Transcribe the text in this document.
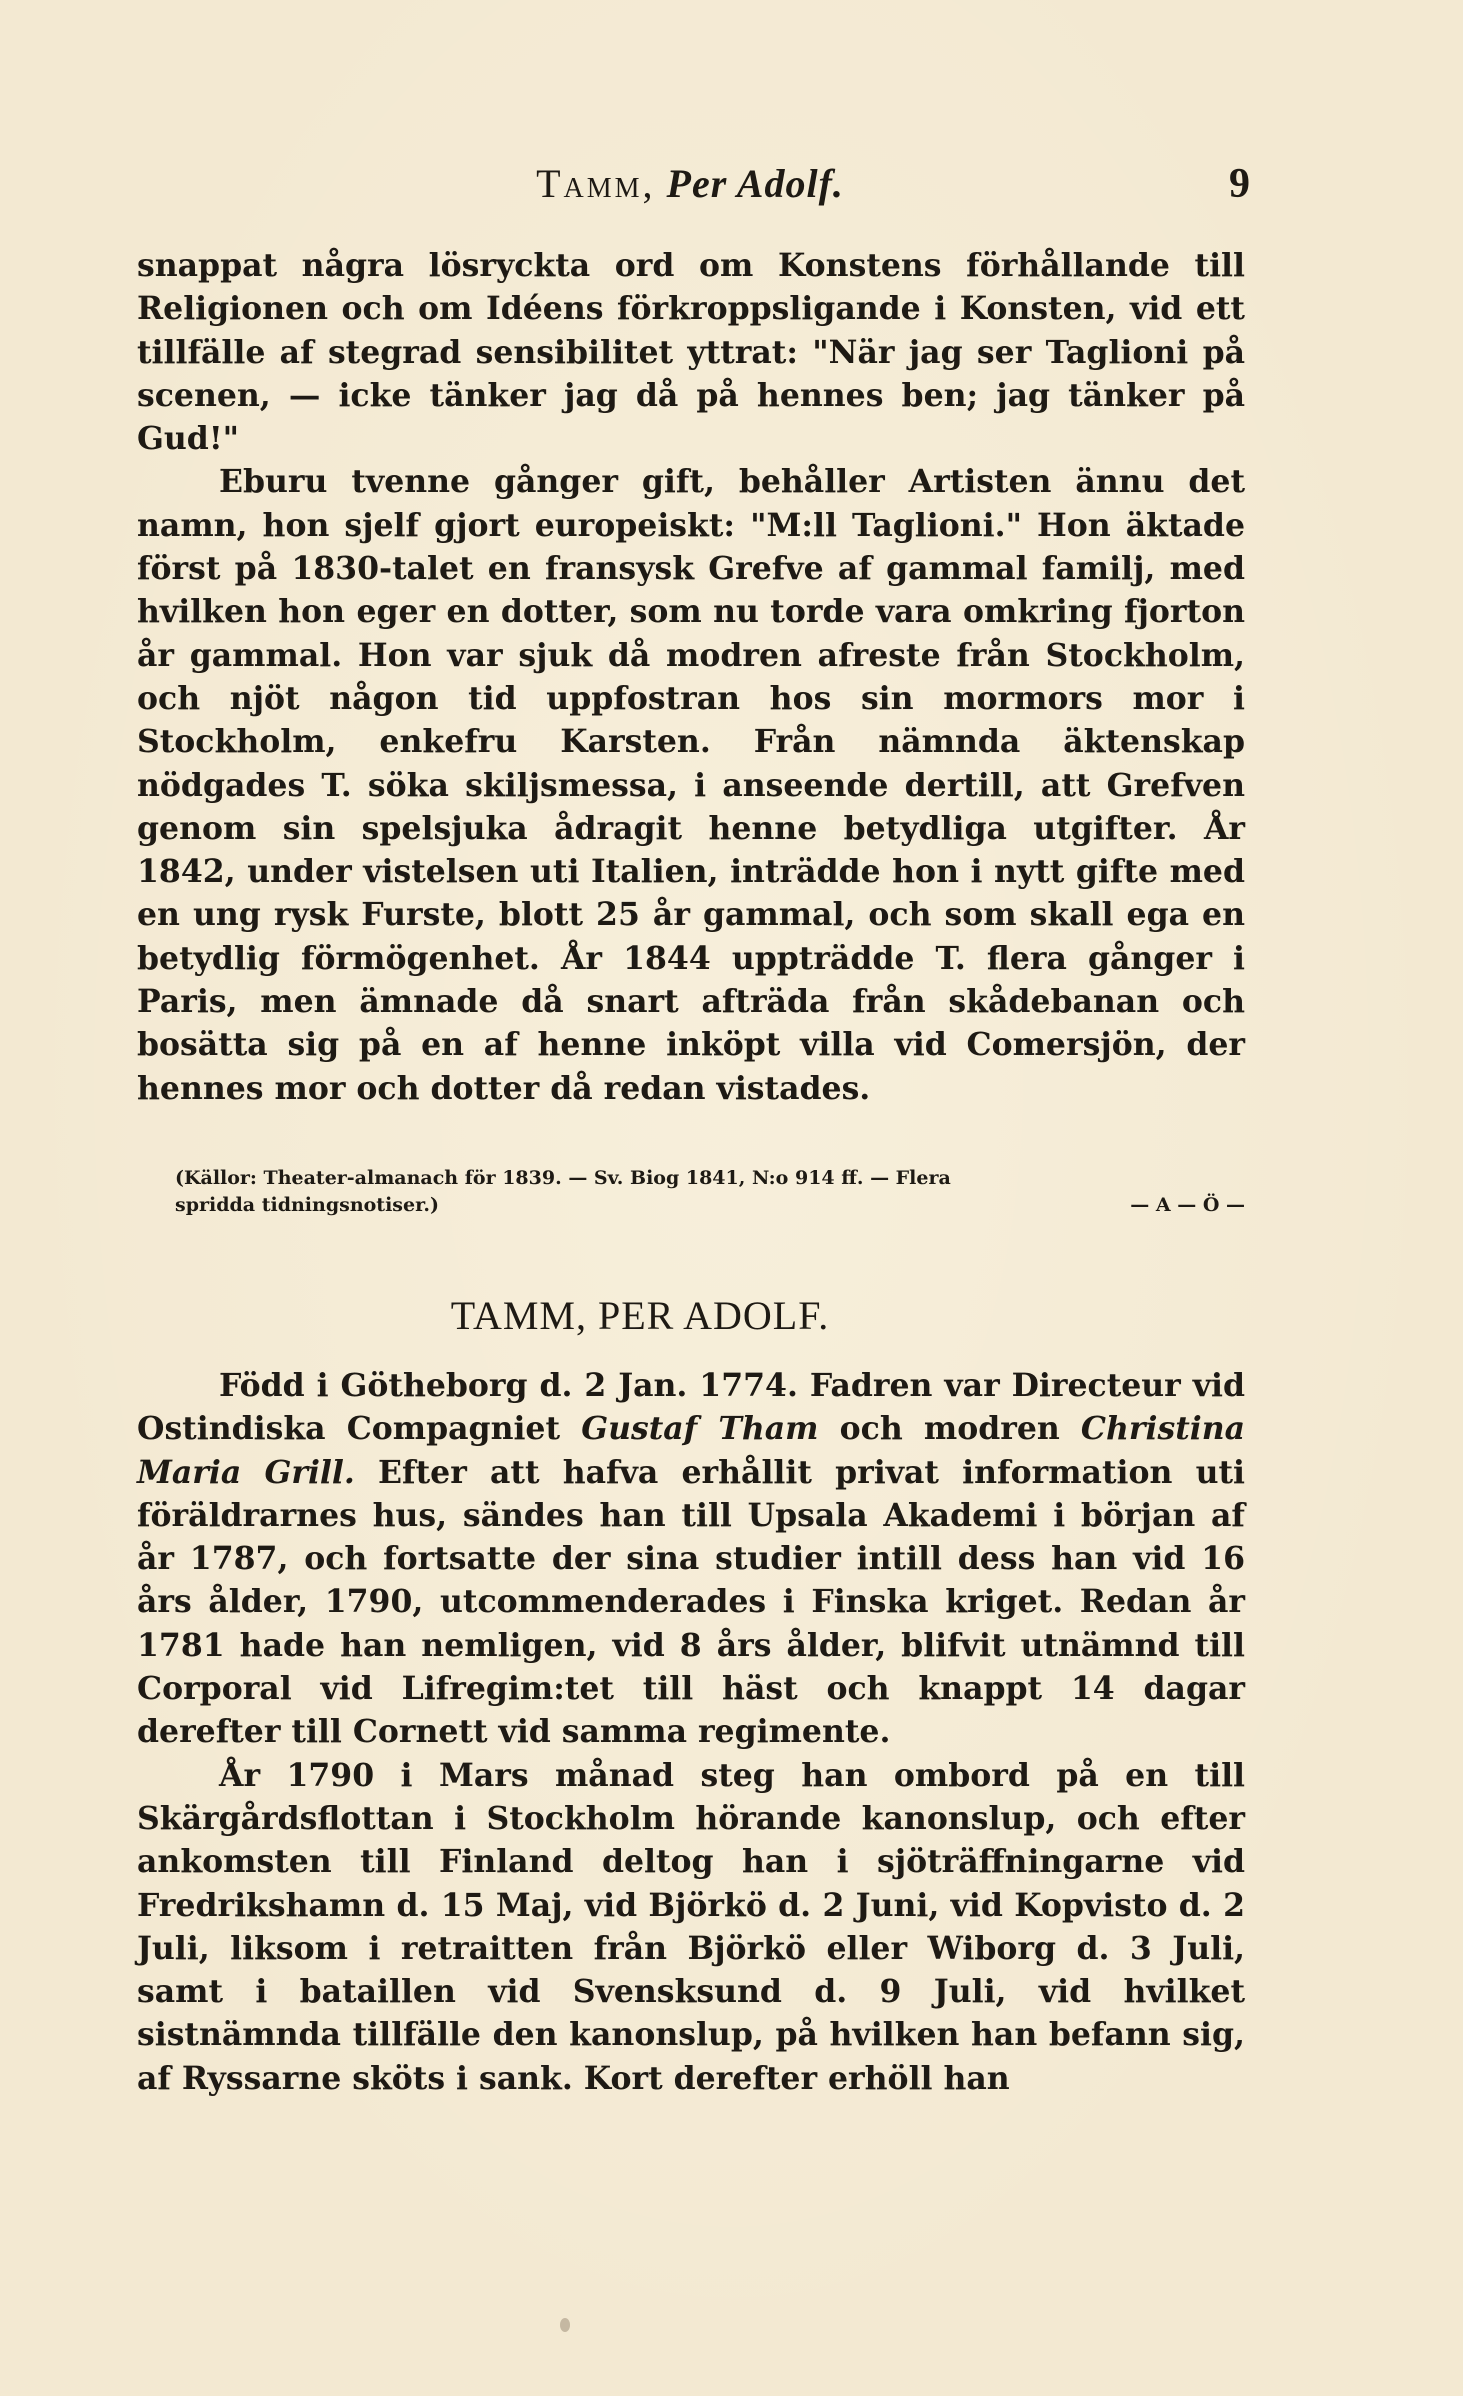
Tamm, Per Adolf.	9

snappat några lösryckta ord om Konstens förhållande till Religionen och om Idéens förkroppsligande i Konsten, vid ett tillfälle af stegrad sensibilitet yttrat: "När jag ser Taglioni på scenen, — icke tänker jag då på hennes ben; jag tänker på Gud!"

Eburu tvenne gånger gift, behåller Artisten ännu det namn, hon sjelf gjort europeiskt: "M:ll Taglioni." Hon äktade först på 1830-talet en fransysk Grefve af gammal familj, med hvilken hon eger en dotter, som nu torde vara omkring fjorton år gammal. Hon var sjuk då modren afreste från Stockholm, och njöt någon tid uppfostran hos sin mormors mor i Stockholm, enkefru Karsten. Från nämnda äktenskap nödgades T. söka skiljsmessa, i anseende dertill, att Grefven genom sin spelsjuka ådragit henne betydliga utgifter. År 1842, under vistelsen uti Italien, inträdde hon i nytt gifte med en ung rysk Furste, blott 25 år gammal, och som skall ega en betydlig förmögenhet. År 1844 uppträdde T. flera gånger i Paris, men ämnade då snart afträda från skådebanan och bosätta sig på en af henne inköpt villa vid Comersjön, der hennes mor och dotter då redan vistades.

(Källor: Theater-almanach för 1839. — Sv. Biog 1841, N:o 914 ff. — Flera
spridda tidningsnotiser.)	— A — Ö —
TAMM, PER ADOLF.

Född i Götheborg d. 2 Jan. 1774. Fadren var Directeur vid Ostindiska Compagniet Gustaf Tham och modren Christina Maria Grill. Efter att hafva erhållit privat information uti föräldrarnes hus, sändes han till Upsala Akademi i början af år 1787, och fortsatte der sina studier intill dess han vid 16 års ålder, 1790, utcommenderades i Finska kriget. Redan år 1781 hade han nemligen, vid 8 års ålder, blifvit utnämnd till Corporal vid Lifregim:tet till häst och knappt 14 dagar derefter till Cornett vid samma regimente.

År 1790 i Mars månad steg han ombord på en till Skärgårdsflottan i Stockholm hörande kanonslup, och efter ankomsten till Finland deltog han i sjöträffningarne vid Fredrikshamn d. 15 Maj, vid Björkö d. 2 Juni, vid Kopvisto d. 2 Juli, liksom i retraitten från Björkö eller Wiborg d. 3 Juli, samt i bataillen vid Svensksund d. 9 Juli, vid hvilket sistnämnda tillfälle den kanonslup, på hvilken han befann sig, af Ryssarne sköts i sank. Kort derefter erhöll han
